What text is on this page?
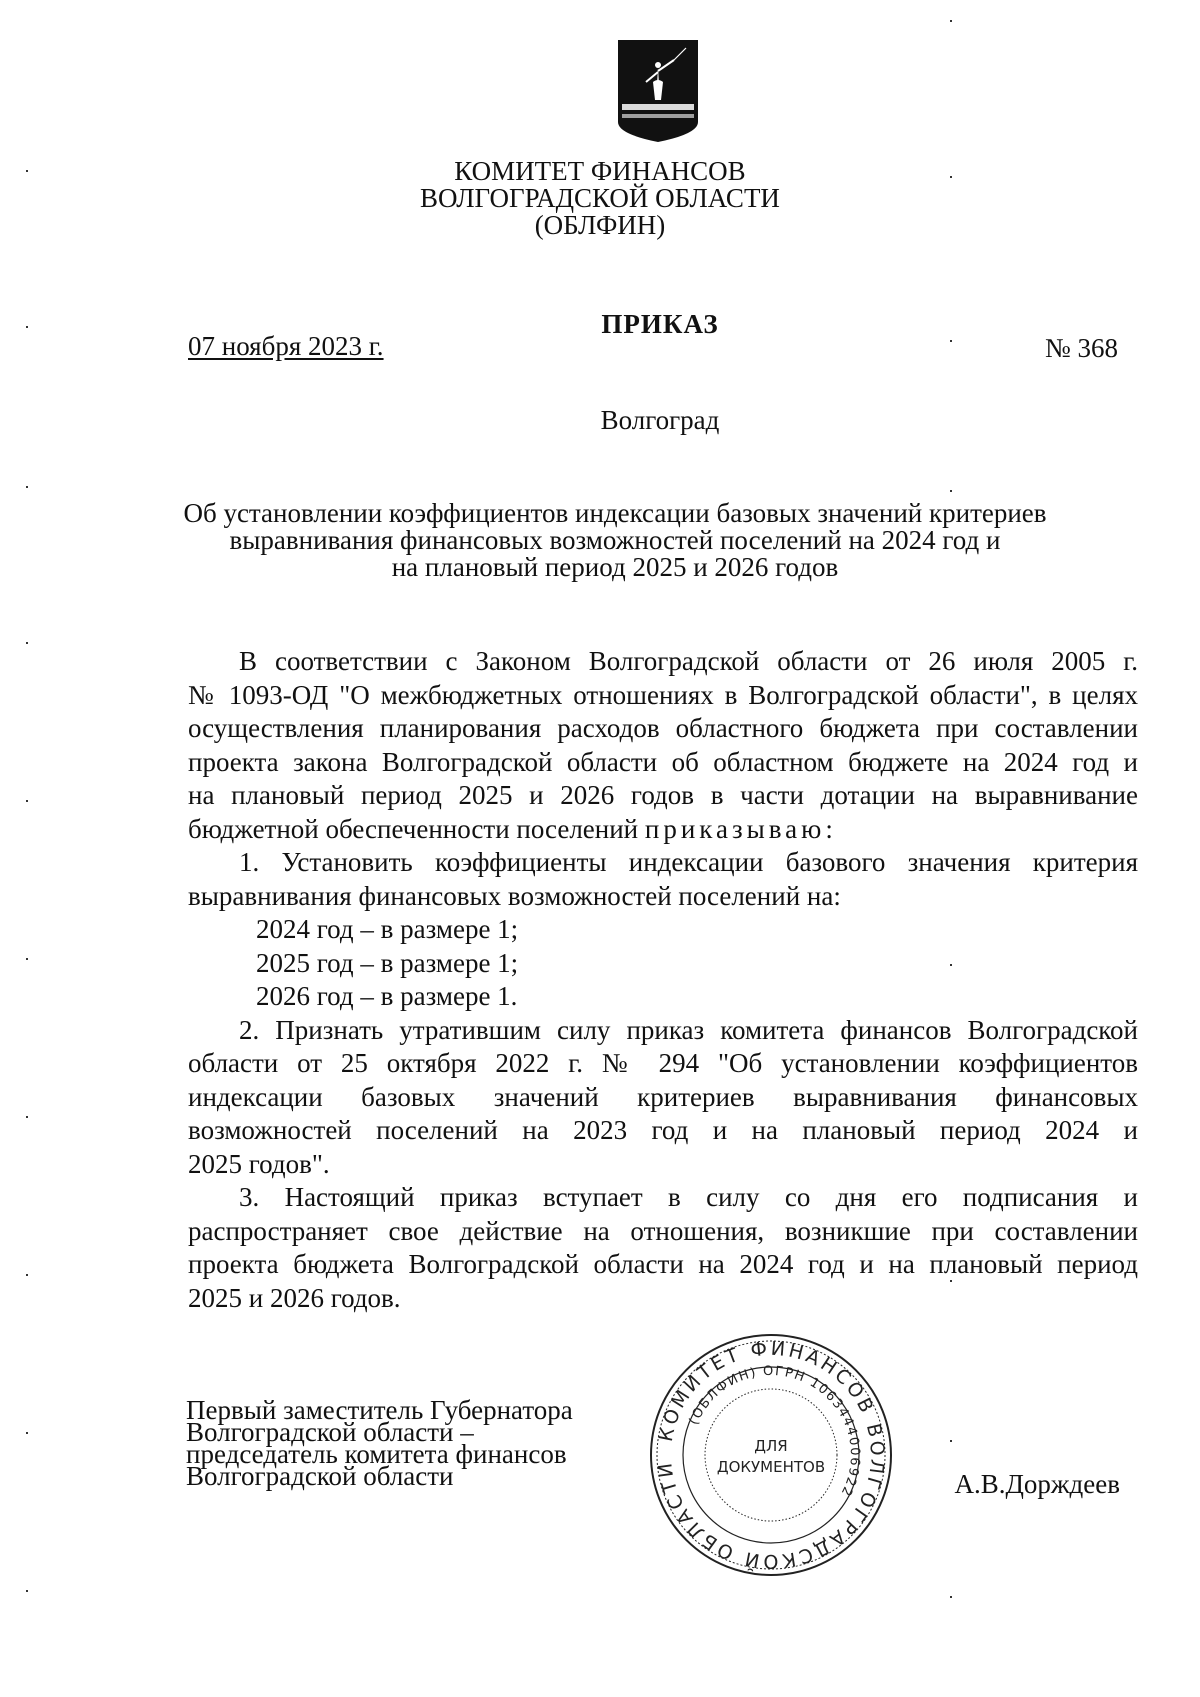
КОМИТЕТ ФИНАНСОВ
ВОЛГОГРАДСКОЙ ОБЛАСТИ
(ОБЛФИН)
ПРИКАЗ
07 ноября 2023 г.	№ 368
Волгоград
Об установлении коэффициентов индексации базовых значений критериев
выравнивания финансовых возможностей поселений на 2024 год и
на плановый период 2025 и 2026 годов

В соответствии с Законом Волгоградской области от 26 июля 2005 г.

№ 1093-ОД "О межбюджетных отношениях в Волгоградской области", в целях

осуществления планирования расходов областного бюджета при составлении

проекта закона Волгоградской области об областном бюджете на 2024 год и

на плановый период 2025 и 2026 годов в части дотации на выравнивание

бюджетной обеспеченности поселений приказываю:

1. Установить коэффициенты индексации базового значения критерия

выравнивания финансовых возможностей поселений на:

2024 год – в размере 1;

2025 год – в размере 1;

2026 год – в размере 1.

2. Признать утратившим силу приказ комитета финансов Волгоградской

области от 25 октября 2022 г. № 294 "Об установлении коэффициентов

индексации базовых значений критериев выравнивания финансовых

возможностей поселений на 2023 год и на плановый период 2024 и

2025 годов".

3. Настоящий приказ вступает в силу со дня его подписания и

распространяет свое действие на отношения, возникшие при составлении

проекта бюджета Волгоградской области на 2024 год и на плановый период

2025 и 2026 годов.

Первый заместитель Губернатора
Волгоградской области –
председатель комитета финансов
Волгоградской области
КОМИТЕТ ФИНАНСОВ ВОЛГОГРАДСКОЙ ОБЛАСТИ
(ОБЛФИН) ОГРН 1063444006922
ДЛЯ
ДОКУМЕНТОВ
А.В.Дорждеев
